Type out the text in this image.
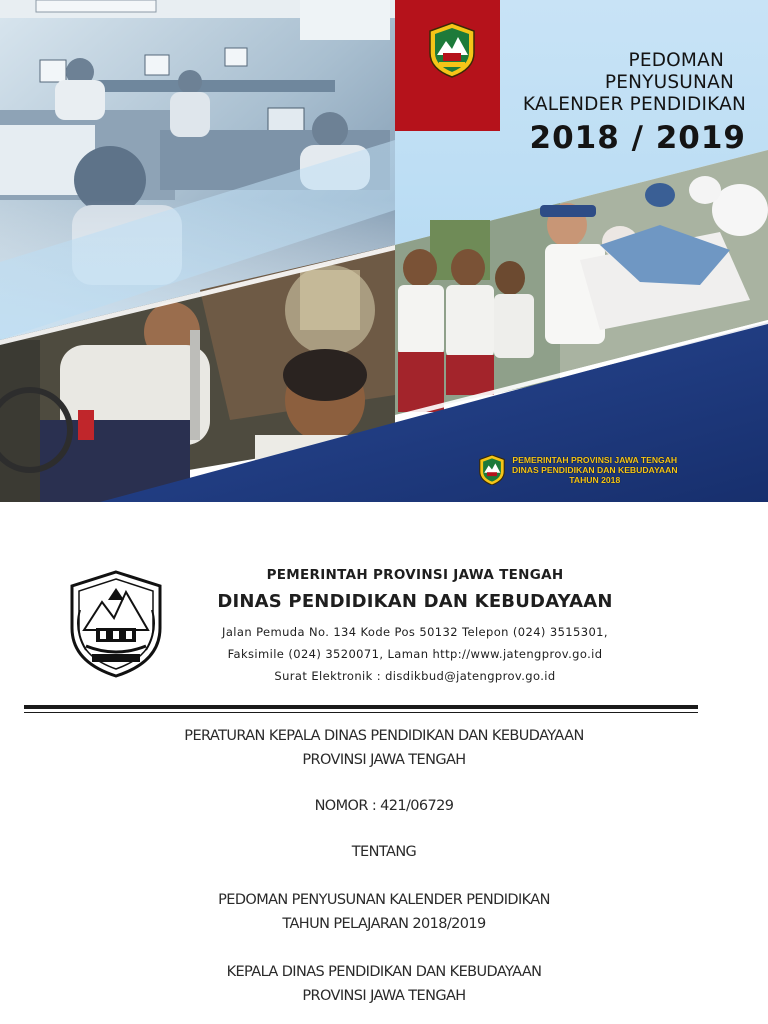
PEDOMAN
PENYUSUNAN
KALENDER PENDIDIKAN
2018 / 2019
PEMERINTAH PROVINSI JAWA TENGAH
DINAS PENDIDIKAN DAN KEBUDAYAAN
TAHUN 2018
PEMERINTAH PROVINSI JAWA TENGAH
DINAS PENDIDIKAN DAN KEBUDAYAAN
Jalan Pemuda No. 134 Kode Pos 50132 Telepon (024) 3515301,
Faksimile (024) 3520071, Laman http://www.jatengprov.go.id
Surat Elektronik : disdikbud@jatengprov.go.id

PERATURAN KEPALA DINAS PENDIDIKAN DAN KEBUDAYAAN

PROVINSI JAWA TENGAH

NOMOR : 421/06729

TENTANG

PEDOMAN PENYUSUNAN KALENDER PENDIDIKAN

TAHUN PELAJARAN 2018/2019

KEPALA DINAS PENDIDIKAN DAN KEBUDAYAAN

PROVINSI JAWA TENGAH
